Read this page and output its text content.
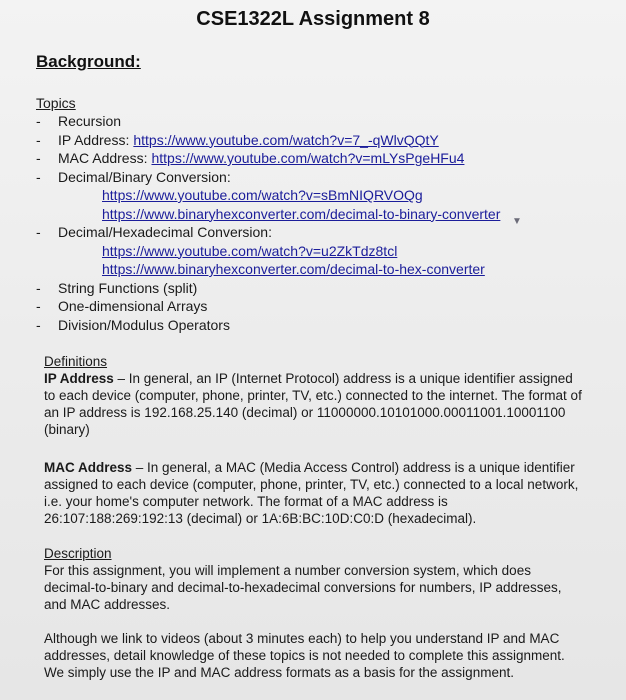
CSE1322L Assignment 8
Background:
Topics
-	Recursion
-	IP Address: https://www.youtube.com/watch?v=7_-qWlvQQtY
-	MAC Address: https://www.youtube.com/watch?v=mLYsPgeHFu4
-	Decimal/Binary Conversion:
https://www.youtube.com/watch?v=sBmNIQRVOQg
https://www.binaryhexconverter.com/decimal-to-binary-converter
-	Decimal/Hexadecimal Conversion:
https://www.youtube.com/watch?v=u2ZkTdz8tcl
https://www.binaryhexconverter.com/decimal-to-hex-converter
-	String Functions (split)
-	One-dimensional Arrays
-	Division/Modulus Operators
▼
Definitions
IP Address – In general, an IP (Internet Protocol) address is a unique identifier assigned to each device (computer, phone, printer, TV, etc.) connected to the internet. The format of an IP address is 192.168.25.140 (decimal) or 11000000.10101000.00011001.10001100 (binary)
MAC Address – In general, a MAC (Media Access Control) address is a unique identifier assigned to each device (computer, phone, printer, TV, etc.) connected to a local network, i.e. your home's computer network. The format of a MAC address is 26:107:188:269:192:13 (decimal) or 1A:6B:BC:10D:C0:D (hexadecimal).
Description
For this assignment, you will implement a number conversion system, which does decimal-to-binary and decimal-to-hexadecimal conversions for numbers, IP addresses, and MAC addresses.
Although we link to videos (about 3 minutes each) to help you understand IP and MAC addresses, detail knowledge of these topics is not needed to complete this assignment. We simply use the IP and MAC address formats as a basis for the assignment.
